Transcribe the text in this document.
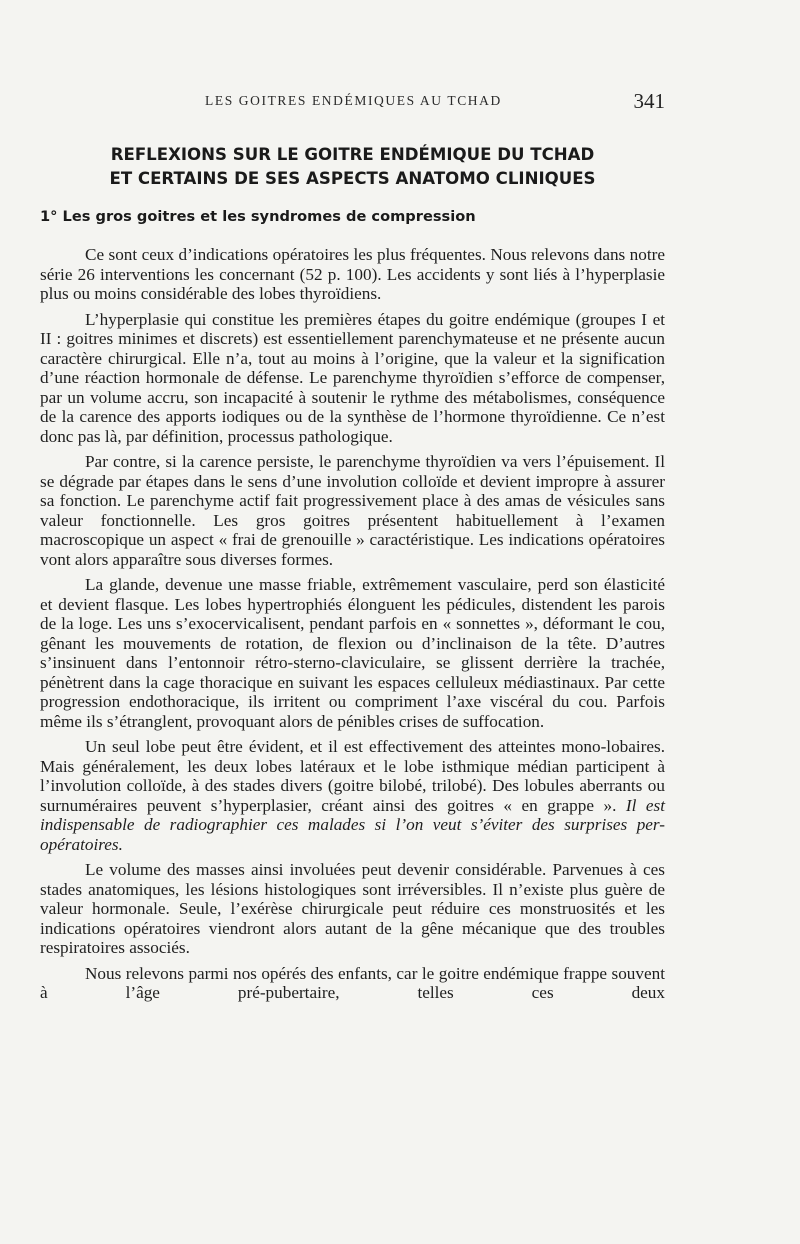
LES GOITRES ENDÉMIQUES AU TCHAD	341
REFLEXIONS SUR LE GOITRE ENDÉMIQUE DU TCHAD
ET CERTAINS DE SES ASPECTS ANATOMO CLINIQUES
1° Les gros goitres et les syndromes de compression

Ce sont ceux d’indications opératoires les plus fréquentes. Nous relevons dans notre série 26 interventions les concernant (52 p. 100). Les accidents y sont liés à l’hyperplasie plus ou moins considérable des lobes thyroïdiens.

L’hyperplasie qui constitue les premières étapes du goitre endémique (groupes I et II : goitres minimes et discrets) est essentiellement parenchymateuse et ne présente aucun caractère chirurgical. Elle n’a, tout au moins à l’origine, que la valeur et la signification d’une réaction hormonale de défense. Le parenchyme thyroïdien s’efforce de compenser, par un volume accru, son incapacité à soutenir le rythme des métabolismes, conséquence de la carence des apports iodiques ou de la synthèse de l’hormone thyroïdienne. Ce n’est donc pas là, par définition, processus pathologique.

Par contre, si la carence persiste, le parenchyme thyroïdien va vers l’épuisement. Il se dégrade par étapes dans le sens d’une involution colloïde et devient impropre à assurer sa fonction. Le parenchyme actif fait progressivement place à des amas de vésicules sans valeur fonctionnelle. Les gros goitres présentent habituellement à l’examen macroscopique un aspect « frai de grenouille » caractéristique. Les indications opératoires vont alors apparaître sous diverses formes.

La glande, devenue une masse friable, extrêmement vasculaire, perd son élasticité et devient flasque. Les lobes hypertrophiés élonguent les pédicules, distendent les parois de la loge. Les uns s’exocervicalisent, pendant parfois en « sonnettes », déformant le cou, gênant les mouvements de rotation, de flexion ou d’inclinaison de la tête. D’autres s’insinuent dans l’entonnoir rétro-sterno-claviculaire, se glissent derrière la trachée, pénètrent dans la cage thoracique en suivant les espaces celluleux médiastinaux. Par cette progression endothoracique, ils irritent ou compriment l’axe viscéral du cou. Parfois même ils s’étranglent, provoquant alors de pénibles crises de suffocation.

Un seul lobe peut être évident, et il est effectivement des atteintes mono-lobaires. Mais généralement, les deux lobes latéraux et le lobe isthmique médian participent à l’involution colloïde, à des stades divers (goitre bilobé, trilobé). Des lobules aberrants ou surnuméraires peuvent s’hyperplasier, créant ainsi des goitres « en grappe ». Il est indispensable de radiographier ces malades si l’on veut s’éviter des surprises per-opératoires.

Le volume des masses ainsi involuées peut devenir considérable. Parvenues à ces stades anatomiques, les lésions histologiques sont irréversibles. Il n’existe plus guère de valeur hormonale. Seule, l’exérèse chirurgicale peut réduire ces monstruosités et les indications opératoires viendront alors autant de la gêne mécanique que des troubles respiratoires associés.

Nous relevons parmi nos opérés des enfants, car le goitre endémique frappe souvent à l’âge pré-pubertaire, telles ces deux
